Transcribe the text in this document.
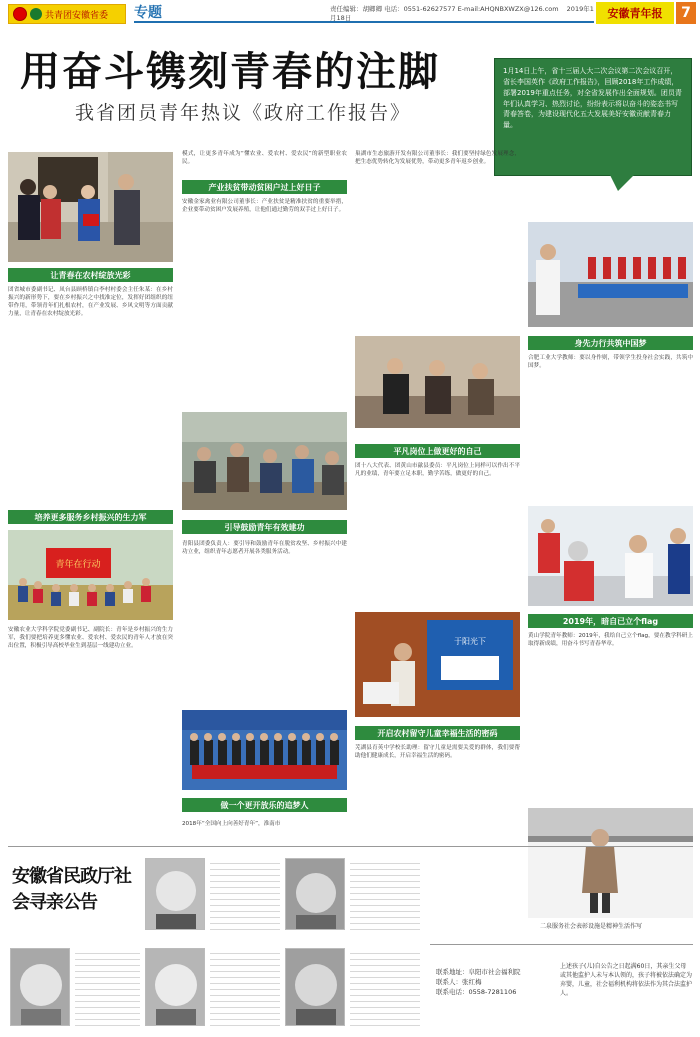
共青团安徽省委 专题	责任编辑：胡卿卿 电话：0551-62627577 E-mail:AHQNBXWZX@126.com 2019年1月18日	安徽青年报	7
用奋斗镌刻青春的注脚
我省团员青年热议《政府工作报告》
1月14日上午，省十三届人大二次会议第二次会议召开，省长李国英作《政府工作报告》，回顾2018年工作成绩，部署2019年重点任务，对全省发展作出全面规划。团员青年们认真学习、热烈讨论，纷纷表示将以奋斗的姿态书写青春答卷，为建设现代化五大发展美好安徽贡献青春力量。
让青春在农村绽放光彩
团省城市委副书记、凤台县顾桥镇白李村村委会主任朱某：在乡村振兴的新形势下，要在乡村振兴之中找准定位，发挥好团组织的纽带作用，带领青年们扎根农村，在产业发展、乡风文明等方面贡献力量，让青春在农村绽放光彩。
培养更多服务乡村振兴的生力军
青年在行动
安徽农业大学科学院党委副书记、副院长：青年是乡村振兴的生力军，我们要把培养更多懂农业、爱农村、爱农民的青年人才放在突出位置，积极引导高校毕业生到基层一线建功立业。
模式，让更多青年成为“懂农业、爱农村、爱农民”的新型职业农民。
产业扶贫带动贫困户过上好日子
安徽金家禽业有限公司董事长：产业扶贫是精准扶贫的重要举措，企业要带动贫困户发展养殖，让他们通过勤劳的双手过上好日子。
引导鼓励青年有效建功
青阳县团委负责人：要引导和鼓励青年在脱贫攻坚、乡村振兴中建功立业，组织青年志愿者开展各类服务活动。
做一个更开放乐的追梦人
2018年“全国向上向善好青年”，淮南市
巢湖市生态旅游开发有限公司董事长：我们要坚持绿色发展理念，把生态优势转化为发展优势，带动更多青年返乡创业。
平凡岗位上做更好的自己
团十八大代表、团黄山市歙县委员：平凡岗位上同样可以作出不平凡的业绩，青年要立足本职，勤学苦练，做更好的自己。
于阳光下
开启农村留守儿童幸福生活的密码
芜湖县育英中学校长助理：留守儿童是需要关爱的群体，我们要帮助他们健康成长，开启幸福生活的密码。
身先力行共筑中国梦
合肥工业大学教师：要以身作则，带领学生投身社会实践，共筑中国梦。
2019年，暗自已立个flag
黄山学院青年教师：2019年，我给自己立个flag，要在教学科研上取得新成绩，用奋斗书写青春华章。
二泉服务社会表彰设施是精神生活作写
安徽省民政厅社会寻亲公告
联系地址：阜阳市社会福利院
联系人：张红梅
联系电话：0558-7281106
上述孩子(儿)自公告之日起满60日，其亲生父母或其他监护人未与本认领的，孩子将被依法确定为弃婴，儿童，社会福利机构将依法作为其合法监护人。
